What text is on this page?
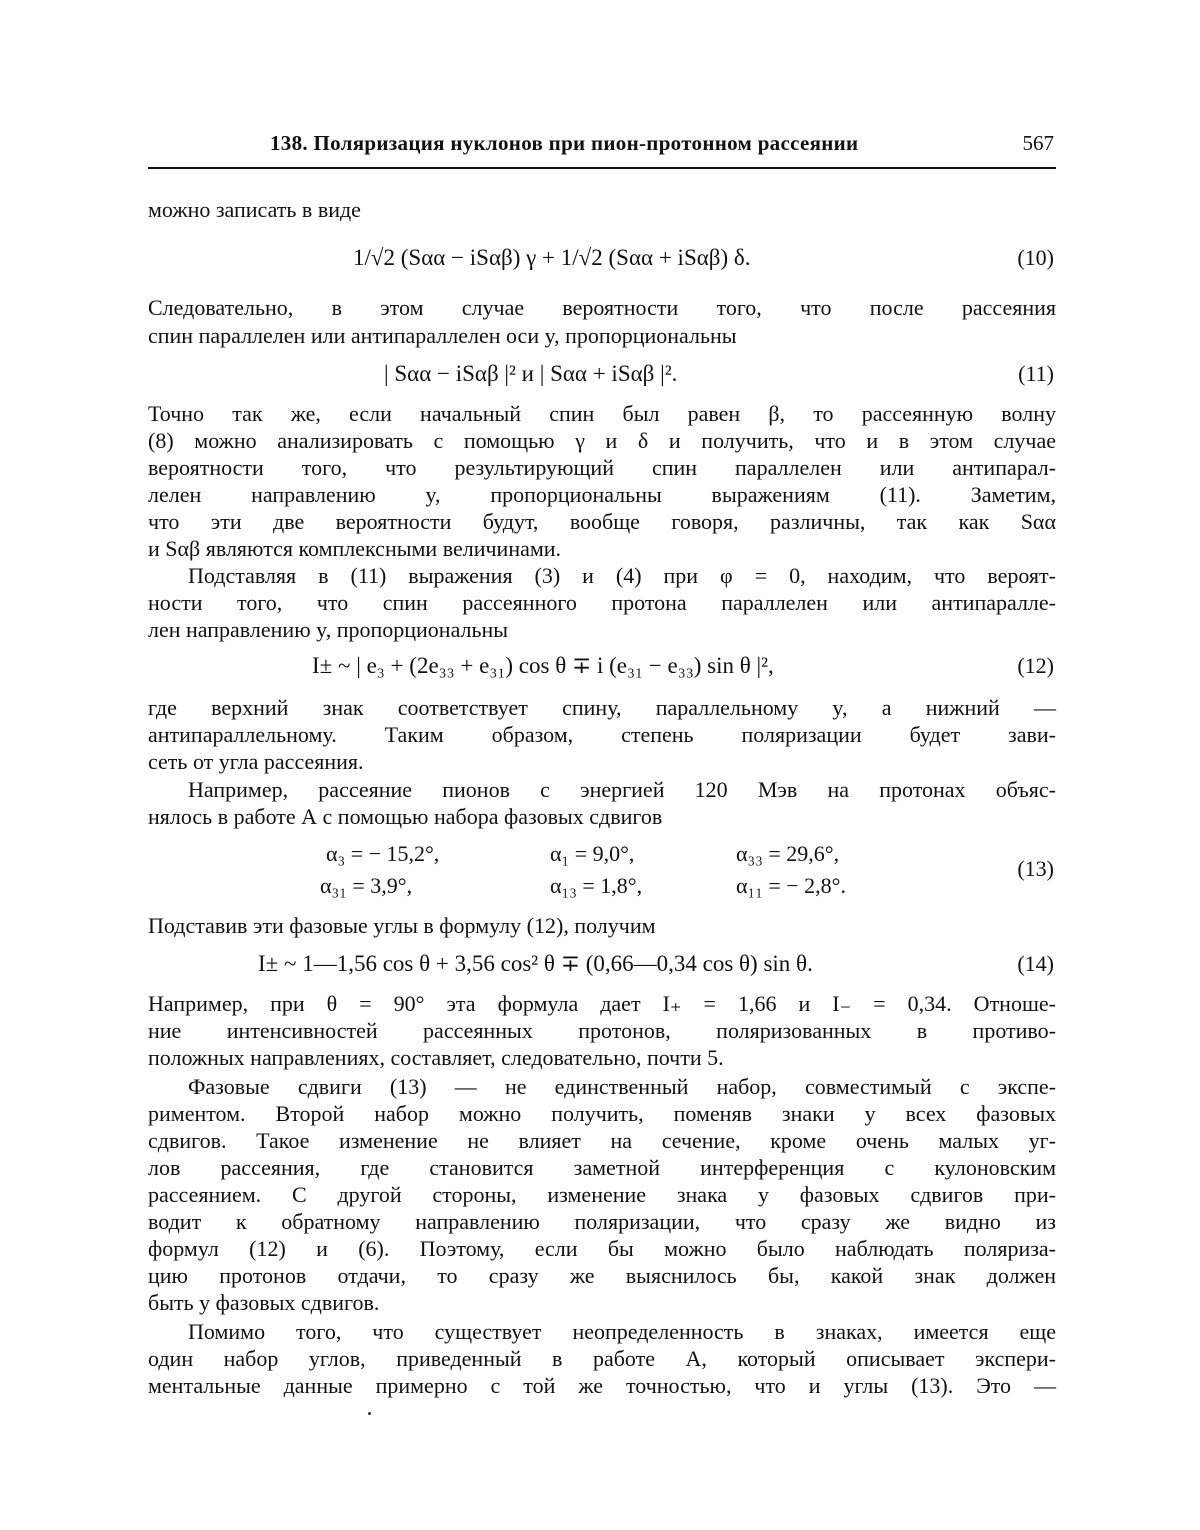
138. Поляризация нуклонов при пион-протонном рассеянии	567
можно записать в виде
1/√2 (Sαα − iSαβ) γ + 1/√2 (Sαα + iSαβ) δ.	(10)
Следовательно, в этом случае вероятности того, что после рассеяния
спин параллелен или антипараллелен оси y, пропорциональны
| Sαα − iSαβ |² и | Sαα + iSαβ |².	(11)
Точно так же, если начальный спин был равен β, то рассеянную волну
(8) можно анализировать с помощью γ и δ и получить, что и в этом случае
вероятности того, что результирующий спин параллелен или антипарал-
лелен направлению y, пропорциональны выражениям (11). Заметим,
что эти две вероятности будут, вообще говоря, различны, так как Sαα
и Sαβ являются комплексными величинами.
Подставляя в (11) выражения (3) и (4) при φ = 0, находим, что вероят-
ности того, что спин рассеянного протона параллелен или антипаралле-
лен направлению y, пропорциональны
I± ~ | e₃ + (2e₃₃ + e₃₁) cos θ ∓ i (e₃₁ − e₃₃) sin θ |²,	(12)
где верхний знак соответствует спину, параллельному y, а нижний —
антипараллельному. Таким образом, степень поляризации будет зави-
сеть от угла рассеяния.
Например, рассеяние пионов с энергией 120 Мэв на протонах объяс-
нялось в работе А с помощью набора фазовых сдвигов
α₃ = − 15,2°,	α₁ = 9,0°,	α₃₃ = 29,6°,
α₃₁ = 3,9°,	α₁₃ = 1,8°,	α₁₁ = − 2,8°.
(13)
Подставив эти фазовые углы в формулу (12), получим
I± ~ 1—1,56 cos θ + 3,56 cos² θ ∓ (0,66—0,34 cos θ) sin θ.	(14)
Например, при θ = 90° эта формула дает I₊ = 1,66 и I₋ = 0,34. Отноше-
ние интенсивностей рассеянных протонов, поляризованных в противо-
положных направлениях, составляет, следовательно, почти 5.
Фазовые сдвиги (13) — не единственный набор, совместимый с экспе-
риментом. Второй набор можно получить, поменяв знаки у всех фазовых
сдвигов. Такое изменение не влияет на сечение, кроме очень малых уг-
лов рассеяния, где становится заметной интерференция с кулоновским
рассеянием. С другой стороны, изменение знака у фазовых сдвигов при-
водит к обратному направлению поляризации, что сразу же видно из
формул (12) и (6). Поэтому, если бы можно было наблюдать поляриза-
цию протонов отдачи, то сразу же выяснилось бы, какой знак должен
быть у фазовых сдвигов.
Помимо того, что существует неопределенность в знаках, имеется еще
один набор углов, приведенный в работе А, который описывает экспери-
ментальные данные примерно с той же точностью, что и углы (13). Это —
